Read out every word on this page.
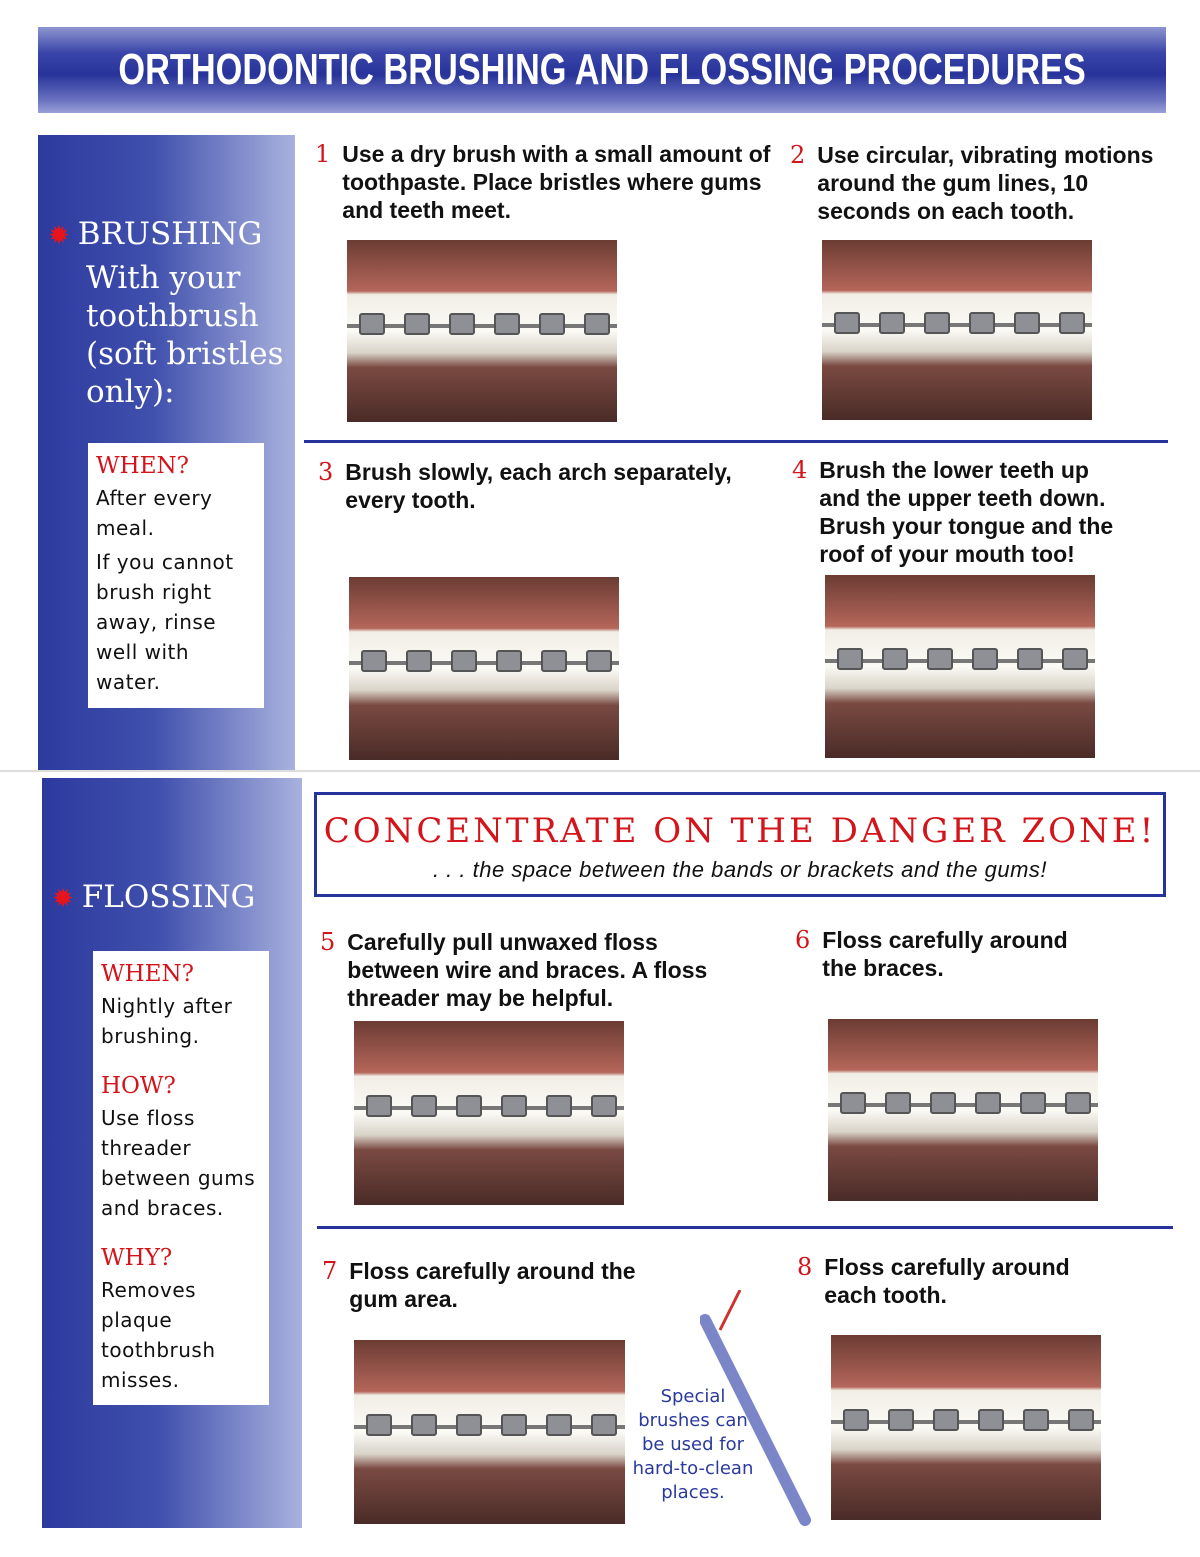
ORTHODONTIC BRUSHING AND FLOSSING PROCEDURES
✹ BRUSHING
With your
toothbrush
(soft bristles
only):
WHEN?
After every meal.
If you cannot brush right away, rinse well with water.
✹ FLOSSING
WHEN?
Nightly after brushing.
HOW?
Use floss threader between gums and braces.
WHY?
Removes plaque toothbrush misses.
1 Use a dry brush with a small amount of toothpaste. Place bristles where gums and teeth meet.
2 Use circular, vibrating motions around the gum lines, 10 seconds on each tooth.
3 Brush slowly, each arch separately, every tooth.
4 Brush the lower teeth up and the upper teeth down. Brush your tongue and the roof of your mouth too!
CONCENTRATE ON THE DANGER ZONE!
. . . the space between the bands or brackets and the gums!
5 Carefully pull unwaxed floss between wire and braces. A floss threader may be helpful.
6 Floss carefully around the braces.
7 Floss carefully around the gum area.
8 Floss carefully around each tooth.
Special brushes can be used for hard-to-clean places.
